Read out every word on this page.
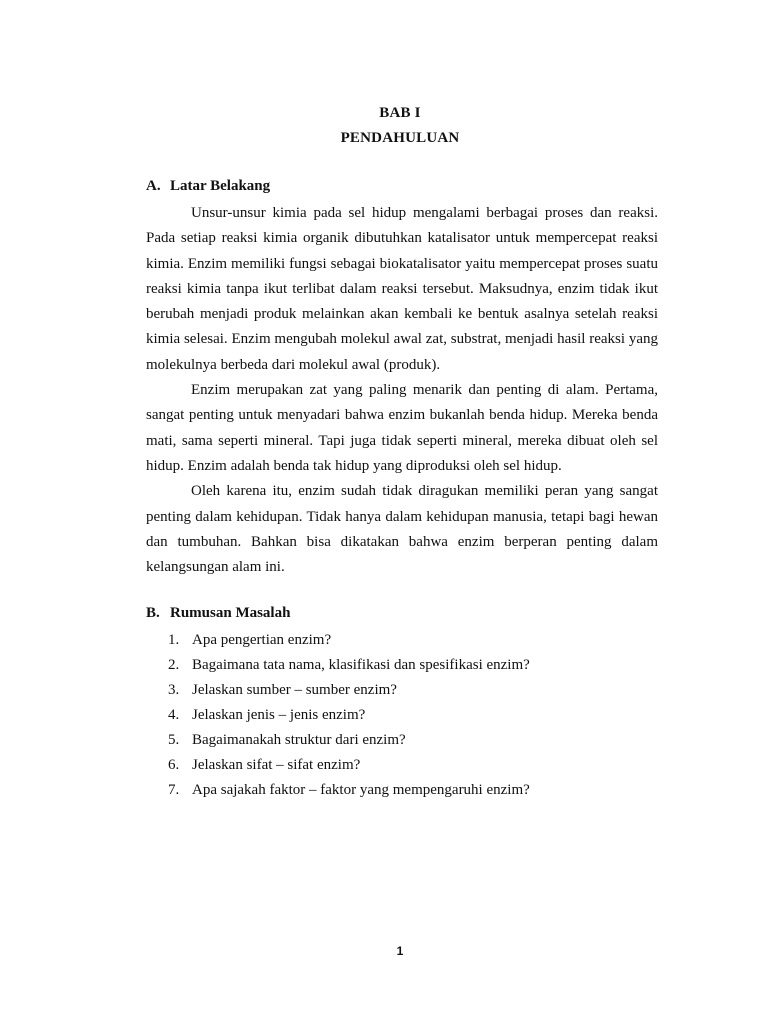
BAB I
PENDAHULUAN
A. Latar Belakang

Unsur-unsur kimia pada sel hidup mengalami berbagai proses dan reaksi. Pada setiap reaksi kimia organik dibutuhkan katalisator untuk mempercepat reaksi kimia. Enzim memiliki fungsi sebagai biokatalisator yaitu mempercepat proses suatu reaksi kimia tanpa ikut terlibat dalam reaksi tersebut. Maksudnya, enzim tidak ikut berubah menjadi produk melainkan akan kembali ke bentuk asalnya setelah reaksi kimia selesai. Enzim mengubah molekul awal zat, substrat, menjadi hasil reaksi yang molekulnya berbeda dari molekul awal (produk).

Enzim merupakan zat yang paling menarik dan penting di alam. Pertama, sangat penting untuk menyadari bahwa enzim bukanlah benda hidup. Mereka benda mati, sama seperti mineral. Tapi juga tidak seperti mineral, mereka dibuat oleh sel hidup. Enzim adalah benda tak hidup yang diproduksi oleh sel hidup.

Oleh karena itu, enzim sudah tidak diragukan memiliki peran yang sangat penting dalam kehidupan. Tidak hanya dalam kehidupan manusia, tetapi bagi hewan dan tumbuhan. Bahkan bisa dikatakan bahwa enzim berperan penting dalam kelangsungan alam ini.

B. Rumusan Masalah
1. Apa pengertian enzim?
2. Bagaimana tata nama, klasifikasi dan spesifikasi enzim?
3. Jelaskan sumber – sumber enzim?
4. Jelaskan jenis – jenis enzim?
5. Bagaimanakah struktur dari enzim?
6. Jelaskan sifat – sifat enzim?
7. Apa sajakah faktor – faktor yang mempengaruhi enzim?
1
